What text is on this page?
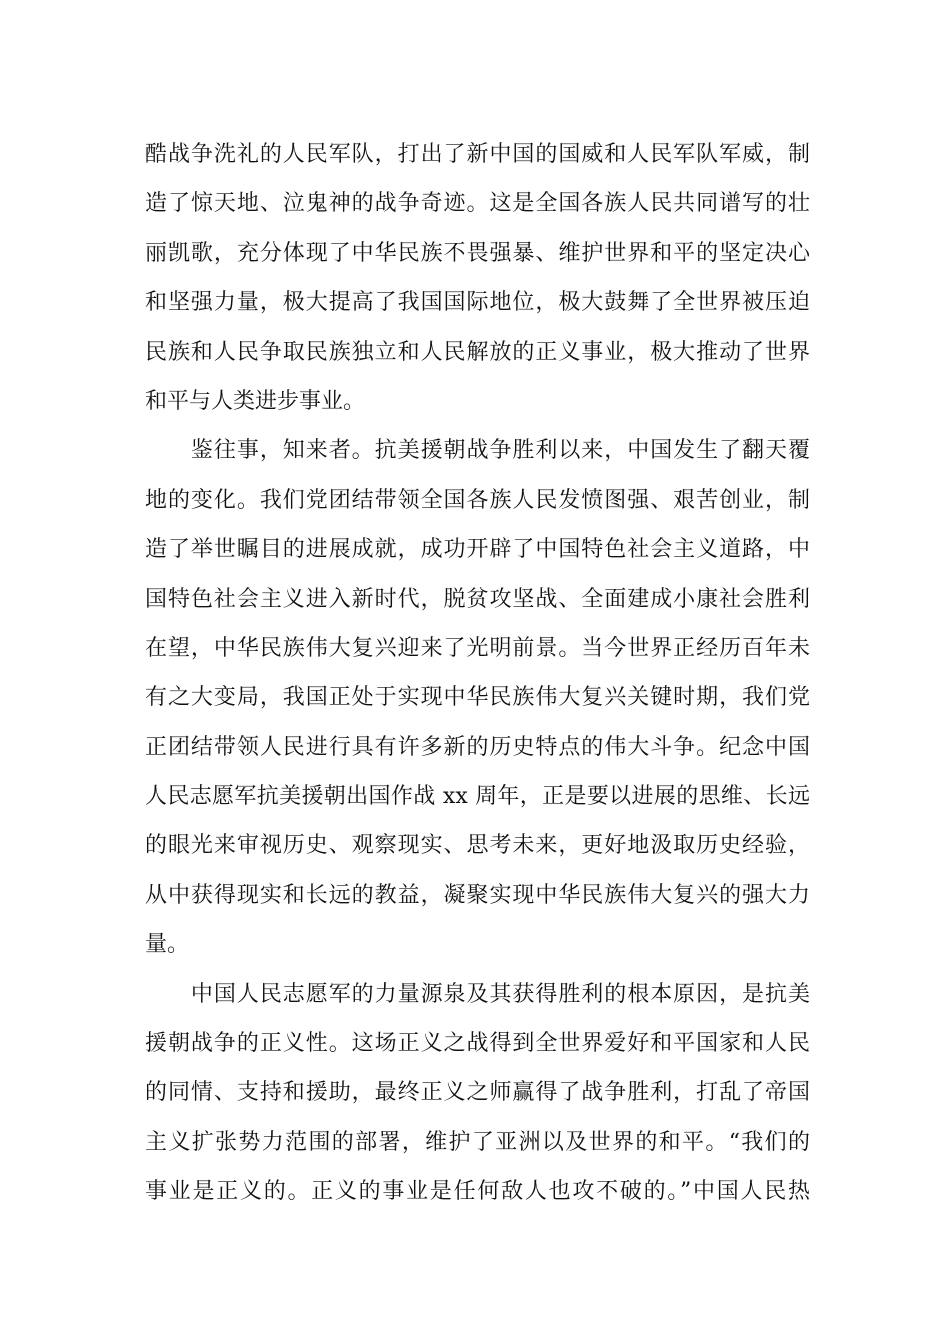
酷战争洗礼的人民军队，打出了新中国的国威和人民军队军威，制
造了惊天地、泣鬼神的战争奇迹。这是全国各族人民共同谱写的壮
丽凯歌，充分体现了中华民族不畏强暴、维护世界和平的坚定决心
和坚强力量，极大提高了我国国际地位，极大鼓舞了全世界被压迫
民族和人民争取民族独立和人民解放的正义事业，极大推动了世界
和平与人类进步事业。
　　鉴往事，知来者。抗美援朝战争胜利以来，中国发生了翻天覆
地的变化。我们党团结带领全国各族人民发愤图强、艰苦创业，制
造了举世瞩目的进展成就，成功开辟了中国特色社会主义道路，中
国特色社会主义进入新时代，脱贫攻坚战、全面建成小康社会胜利
在望，中华民族伟大复兴迎来了光明前景。当今世界正经历百年未
有之大变局，我国正处于实现中华民族伟大复兴关键时期，我们党
正团结带领人民进行具有许多新的历史特点的伟大斗争。纪念中国
人民志愿军抗美援朝出国作战 xx 周年，正是要以进展的思维、长远
的眼光来审视历史、观察现实、思考未来，更好地汲取历史经验，
从中获得现实和长远的教益，凝聚实现中华民族伟大复兴的强大力
量。
　　中国人民志愿军的力量源泉及其获得胜利的根本原因，是抗美
援朝战争的正义性。这场正义之战得到全世界爱好和平国家和人民
的同情、支持和援助，最终正义之师赢得了战争胜利，打乱了帝国
主义扩张势力范围的部署，维护了亚洲以及世界的和平。“我们的
事业是正义的。正义的事业是任何敌人也攻不破的。”中国人民热
